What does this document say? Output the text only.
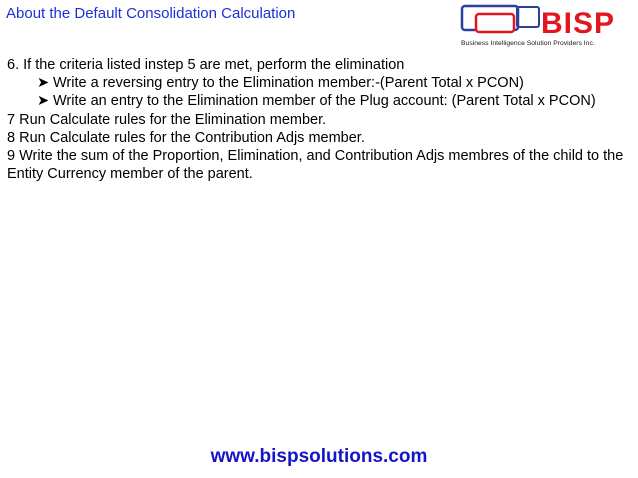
About the Default Consolidation Calculation	BISP
Business Intelligence Solution Providers Inc.
6. If the criteria listed instep 5 are met, perform the elimination
➤ Write a reversing entry to the Elimination member:-(Parent Total x PCON)
➤ Write an entry to the Elimination member of the Plug account: (Parent Total x PCON)
7 Run Calculate rules for the Elimination member.
8 Run Calculate rules for the Contribution Adjs member.
9 Write the sum of the Proportion, Elimination, and Contribution Adjs membres of the child to the Entity Currency member of the parent.
www.bispsolutions.com
